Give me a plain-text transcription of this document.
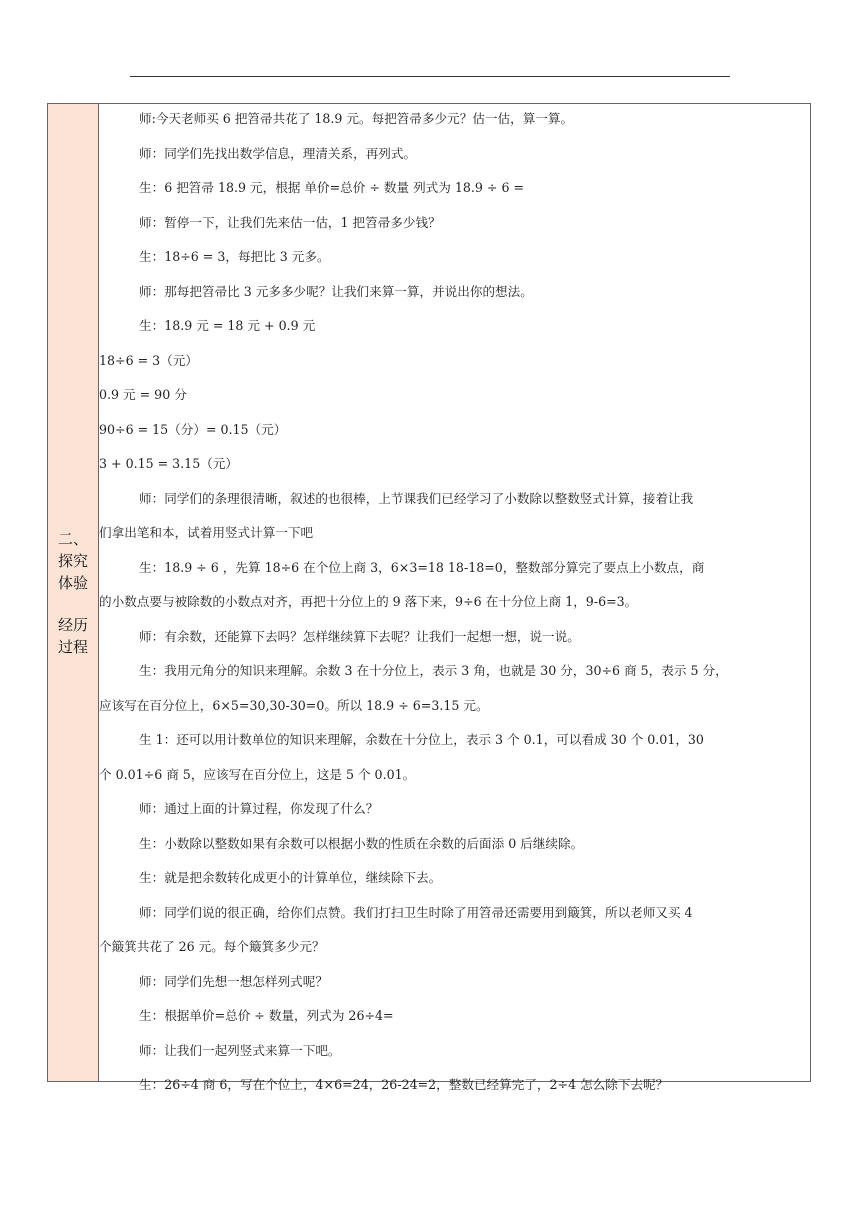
二、
探究
体验
经历
过程
师:今天老师买 6 把笤帚共花了 18.9 元。每把笤帚多少元？估一估，算一算。
师：同学们先找出数学信息，理清关系，再列式。
生：6 把笤帚 18.9 元，根据 单价=总价 ÷ 数量 列式为 18.9 ÷ 6 =
师：暂停一下，让我们先来估一估，1 把笤帚多少钱？
生：18÷6 = 3，每把比 3 元多。
师：那每把笤帚比 3 元多多少呢？让我们来算一算，并说出你的想法。
生：18.9 元 = 18 元 + 0.9 元
18÷6 = 3（元）
0.9 元 = 90 分
90÷6 = 15（分）= 0.15（元）
3 + 0.15 = 3.15（元）
师：同学们的条理很清晰，叙述的也很棒，上节课我们已经学习了小数除以整数竖式计算，接着让我
们拿出笔和本，试着用竖式计算一下吧
生：18.9 ÷ 6 ，先算 18÷6 在个位上商 3，6×3=18 18-18=0，整数部分算完了要点上小数点，商
的小数点要与被除数的小数点对齐，再把十分位上的 9 落下来，9÷6 在十分位上商 1，9-6=3。
师：有余数，还能算下去吗？怎样继续算下去呢？让我们一起想一想，说一说。
生：我用元角分的知识来理解。余数 3 在十分位上，表示 3 角，也就是 30 分，30÷6 商 5，表示 5 分，
应该写在百分位上，6×5=30,30-30=0。所以 18.9 ÷ 6=3.15 元。
生 1：还可以用计数单位的知识来理解，余数在十分位上，表示 3 个 0.1，可以看成 30 个 0.01，30
个 0.01÷6 商 5，应该写在百分位上，这是 5 个 0.01。
师：通过上面的计算过程，你发现了什么？
生：小数除以整数如果有余数可以根据小数的性质在余数的后面添 0 后继续除。
生：就是把余数转化成更小的计算单位，继续除下去。
师：同学们说的很正确，给你们点赞。我们打扫卫生时除了用笤帚还需要用到簸箕，所以老师又买 4
个簸箕共花了 26 元。每个簸箕多少元？
师：同学们先想一想怎样列式呢？
生：根据单价=总价 ÷ 数量，列式为 26÷4=
师：让我们一起列竖式来算一下吧。
生：26÷4 商 6，写在个位上，4×6=24，26-24=2，整数已经算完了，2÷4 怎么除下去呢？
